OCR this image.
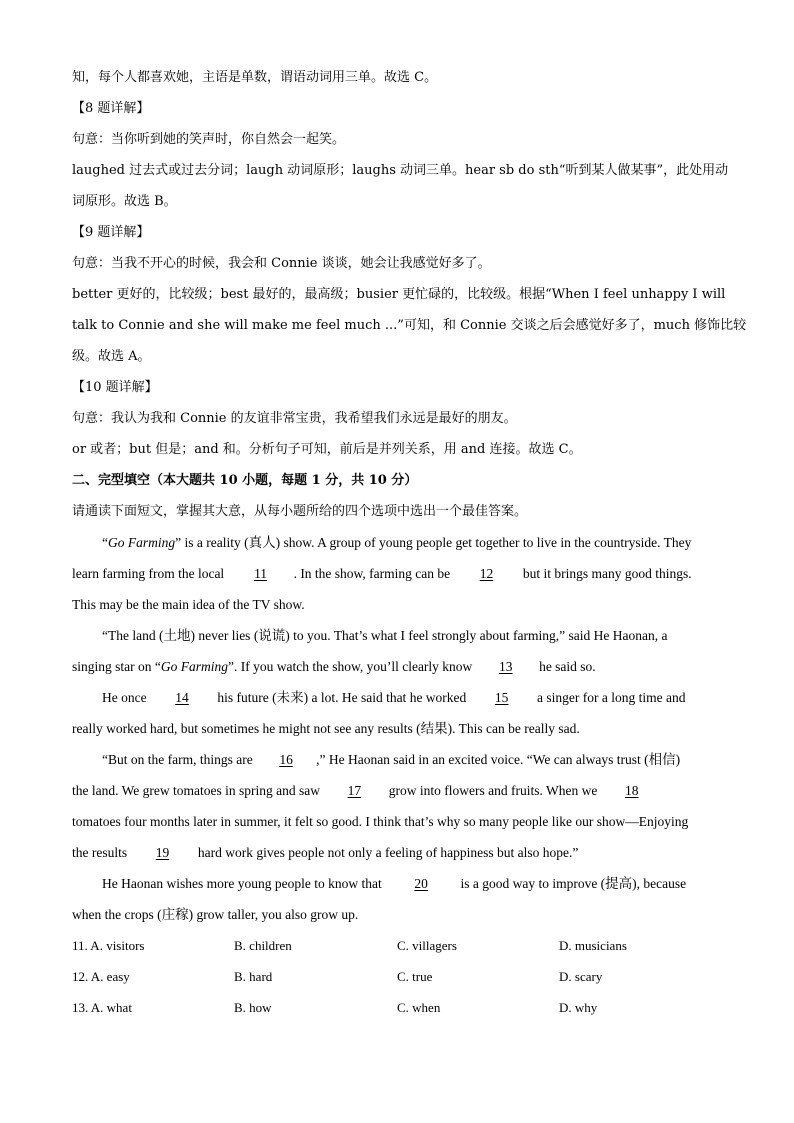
知，每个人都喜欢她，主语是单数，谓语动词用三单。故选 C。
【8 题详解】
句意：当你听到她的笑声时，你自然会一起笑。
laughed 过去式或过去分词；laugh 动词原形；laughs 动词三单。hear sb do sth“听到某人做某事”，此处用动
词原形。故选 B。
【9 题详解】
句意：当我不开心的时候，我会和 Connie 谈谈，她会让我感觉好多了。
better 更好的，比较级；best 最好的，最高级；busier 更忙碌的，比较级。根据“When I feel unhappy I will
talk to Connie and she will make me feel much ...”可知，和 Connie 交谈之后会感觉好多了，much 修饰比较
级。故选 A。
【10 题详解】
句意：我认为我和 Connie 的友谊非常宝贵，我希望我们永远是最好的朋友。
or 或者；but 但是；and 和。分析句子可知，前后是并列关系，用 and 连接。故选 C。
二、完型填空（本大题共 10 小题，每题 1 分，共 10 分）
请通读下面短文，掌握其大意，从每小题所给的四个选项中选出一个最佳答案。
“Go Farming” is a reality (真人) show. A group of young people get together to live in the countryside. They
learn farming from the local 11 . In the show, farming can be 12 but it brings many good things.
This may be the main idea of the TV show.
“The land (土地) never lies (说谎) to you. That’s what I feel strongly about farming,” said He Haonan, a
singing star on “Go Farming”. If you watch the show, you’ll clearly know 13 he said so.
He once 14 his future (未来) a lot. He said that he worked 15 a singer for a long time and
really worked hard, but sometimes he might not see any results (结果). This can be really sad.
“But on the farm, things are 16 ,” He Haonan said in an excited voice. “We can always trust (相信)
the land. We grew tomatoes in spring and saw 17 grow into flowers and fruits. When we 18
tomatoes four months later in summer, it felt so good. I think that’s why so many people like our show—Enjoying
the results 19 hard work gives people not only a feeling of happiness but also hope.”
He Haonan wishes more young people to know that 20 is a good way to improve (提高), because
when the crops (庄稼) grow taller, you also grow up.
11. A. visitors	B. children	C. villagers	D. musicians
12. A. easy	B. hard	C. true	D. scary
13. A. what	B. how	C. when	D. why
